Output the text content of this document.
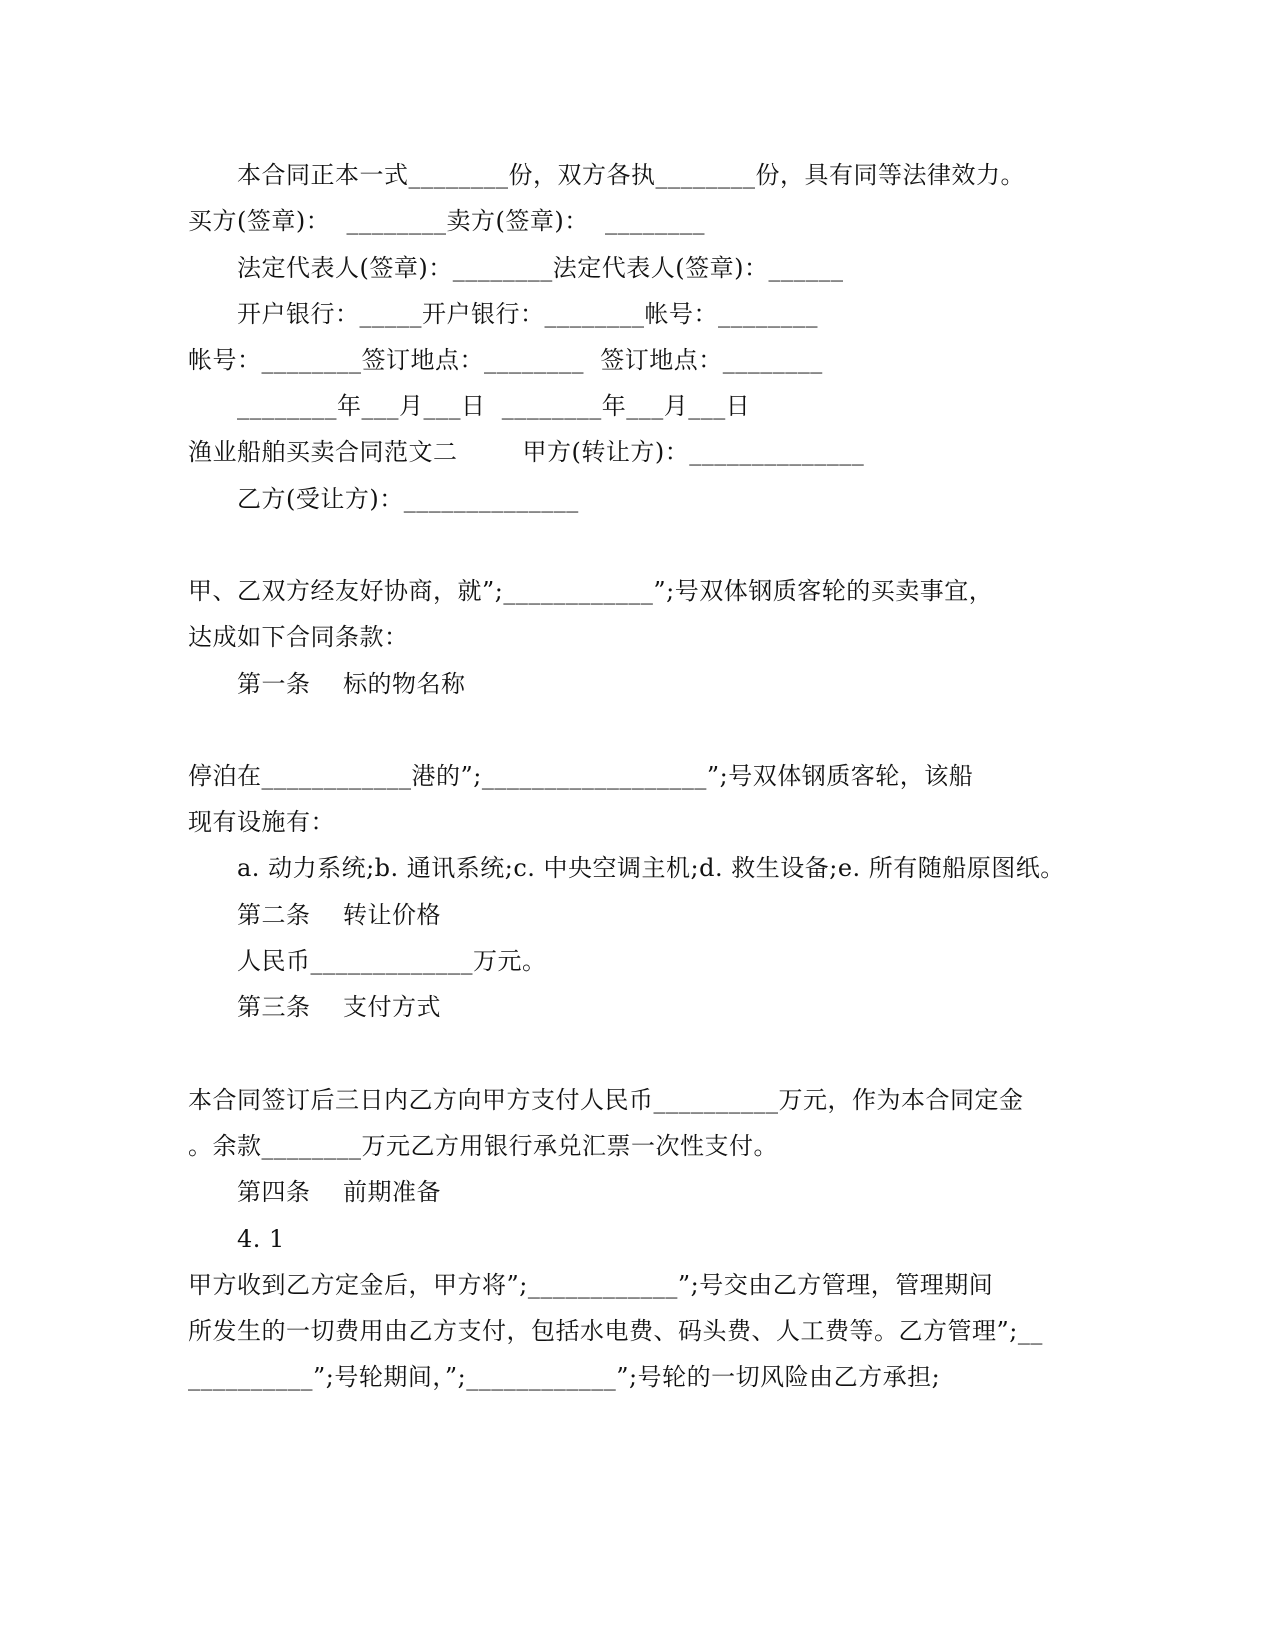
本合同正本一式________份，双方各执________份，具有同等法律效力。
买方(签章)：  ________卖方(签章)：  ________
法定代表人(签章)：________法定代表人(签章)：______
开户银行：_____开户银行：________帐号：________
帐号：________签订地点：________  签订地点：________
________年___月___日  ________年___月___日
渔业船舶买卖合同范文二        甲方(转让方)：______________
乙方(受让方)：______________
甲、乙双方经友好协商，就”;____________”;号双体钢质客轮的买卖事宜，
达成如下合同条款：
第一条    标的物名称
停泊在____________港的”;__________________”;号双体钢质客轮，该船
现有设施有：
a. 动力系统;b. 通讯系统;c. 中央空调主机;d. 救生设备;e. 所有随船原图纸。
第二条    转让价格
人民币_____________万元。
第三条    支付方式
本合同签订后三日内乙方向甲方支付人民币__________万元，作为本合同定金
。余款________万元乙方用银行承兑汇票一次性支付。
第四条    前期准备
4. 1
甲方收到乙方定金后，甲方将”;____________”;号交由乙方管理，管理期间
所发生的一切费用由乙方支付，包括水电费、码头费、人工费等。乙方管理”;__
__________”;号轮期间，”;____________”;号轮的一切风险由乙方承担;
